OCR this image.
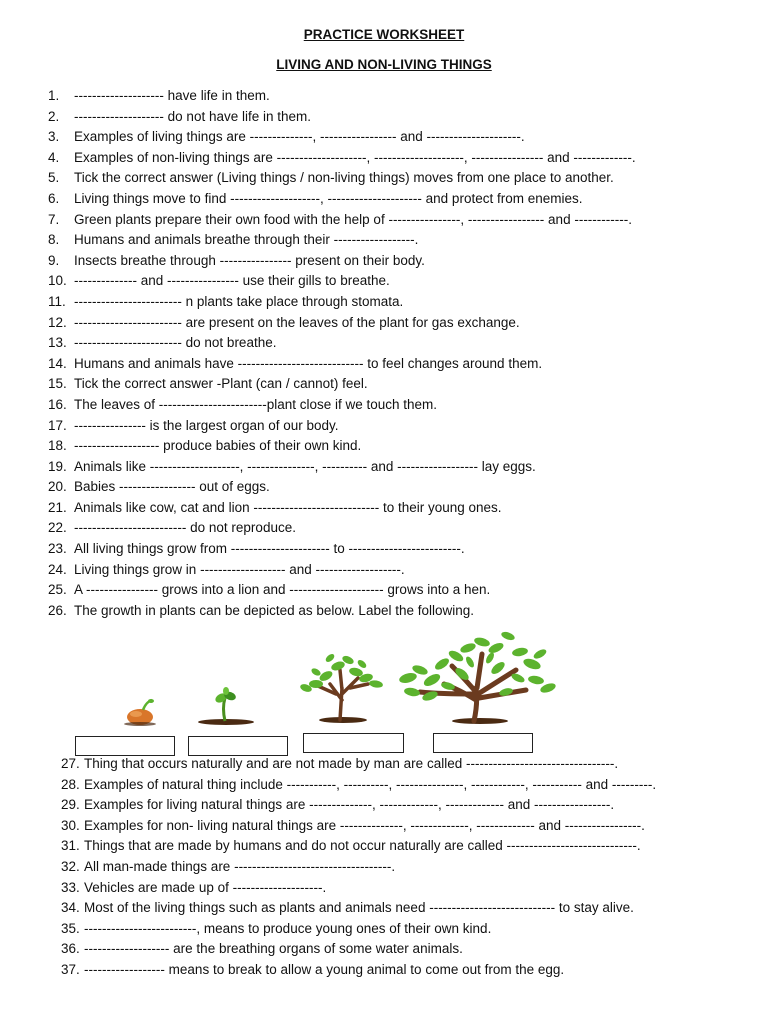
PRACTICE WORKSHEET
LIVING AND NON-LIVING THINGS
1.	-------------------- have life in them.
2.	-------------------- do not have life in them.
3.	Examples of living things are --------------, ----------------- and ---------------------.
4.	Examples of non-living things are --------------------, --------------------, ---------------- and -------------.
5.	Tick the correct answer (Living things / non-living things) moves from one place to another.
6.	Living things move to find --------------------, --------------------- and protect from enemies.
7.	Green plants prepare their own food with the help of ----------------, ----------------- and ------------.
8.	Humans and animals breathe through their ------------------.
9.	Insects breathe through ---------------- present on their body.
10. -------------- and ---------------- use their gills to breathe.
11. ------------------------ n plants take place through stomata.
12. ------------------------ are present on the leaves of the plant for gas exchange.
13. ------------------------ do not breathe.
14. Humans and animals have ---------------------------- to feel changes around them.
15. Tick the correct answer -Plant (can / cannot) feel.
16. The leaves of ------------------------plant close if we touch them.
17. ---------------- is the largest organ of our body.
18. ------------------- produce babies of their own kind.
19. Animals like --------------------, ---------------, ---------- and ------------------ lay eggs.
20. Babies ----------------- out of eggs.
21. Animals like cow, cat and lion ---------------------------- to their young ones.
22. ------------------------- do not reproduce.
23. All living things grow from ---------------------- to -------------------------.
24. Living things grow in ------------------- and -------------------.
25. A ---------------- grows into a lion and --------------------- grows into a hen.
26. The growth in plants can be depicted as below. Label the following.
27. Thing that occurs naturally and are not made by man are called ---------------------------------.
28. Examples of natural thing include -----------, ----------, ---------------, ------------, ----------- and ---------.
29. Examples for living natural things are --------------, -------------, ------------- and -----------------.
30. Examples for non- living natural things are --------------, -------------, ------------- and -----------------.
31. Things that are made by humans and do not occur naturally are called -----------------------------.
32. All man-made things are -----------------------------------.
33. Vehicles are made up of --------------------.
34. Most of the living things such as plants and animals need ---------------------------- to stay alive.
35. -------------------------, means to produce young ones of their own kind.
36. ------------------- are the breathing organs of some water animals.
37. ------------------ means to break to allow a young animal to come out from the egg.
